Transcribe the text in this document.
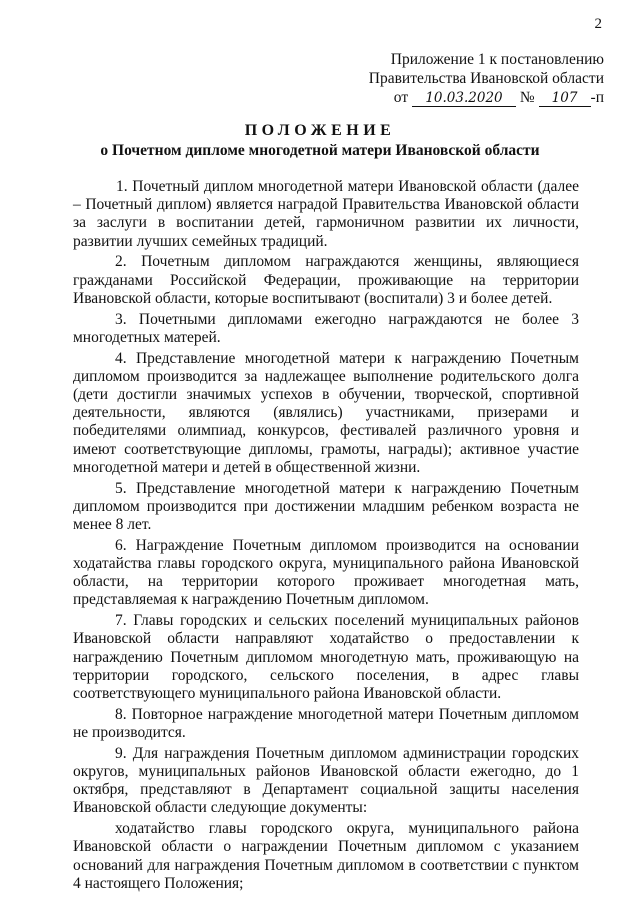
2
Приложение 1 к постановлению
Правительства Ивановской области
от 10.03.2020 № 107 -п
ПОЛОЖЕНИЕ
о Почетном дипломе многодетной матери Ивановской области

1. Почетный диплом многодетной матери Ивановской области (далее – Почетный диплом) является наградой Правительства Ивановской области за заслуги в воспитании детей, гармоничном развитии их личности, развитии лучших семейных традиций.

2. Почетным дипломом награждаются женщины, являющиеся гражданами Российской Федерации, проживающие на территории Ивановской области, которые воспитывают (воспитали) 3 и более детей.

3. Почетными дипломами ежегодно награждаются не более 3 многодетных матерей.

4. Представление многодетной матери к награждению Почетным дипломом производится за надлежащее выполнение родительского долга (дети достигли значимых успехов в обучении, творческой, спортивной деятельности, являются (являлись) участниками, призерами и победителями олимпиад, конкурсов, фестивалей различного уровня и имеют соответствующие дипломы, грамоты, награды); активное участие многодетной матери и детей в общественной жизни.

5. Представление многодетной матери к награждению Почетным дипломом производится при достижении младшим ребенком возраста не менее 8 лет.

6. Награждение Почетным дипломом производится на основании ходатайства главы городского округа, муниципального района Ивановской области, на территории которого проживает многодетная мать, представляемая к награждению Почетным дипломом.

7. Главы городских и сельских поселений муниципальных районов Ивановской области направляют ходатайство о предоставлении к награждению Почетным дипломом многодетную мать, проживающую на территории городского, сельского поселения, в адрес главы соответствующего муниципального района Ивановской области.

8. Повторное награждение многодетной матери Почетным дипломом не производится.

9. Для награждения Почетным дипломом администрации городских округов, муниципальных районов Ивановской области ежегодно, до 1 октября, представляют в Департамент социальной защиты населения Ивановской области следующие документы:

ходатайство главы городского округа, муниципального района Ивановской области о награждении Почетным дипломом с указанием оснований для награждения Почетным дипломом в соответствии с пунктом 4 настоящего Положения;
